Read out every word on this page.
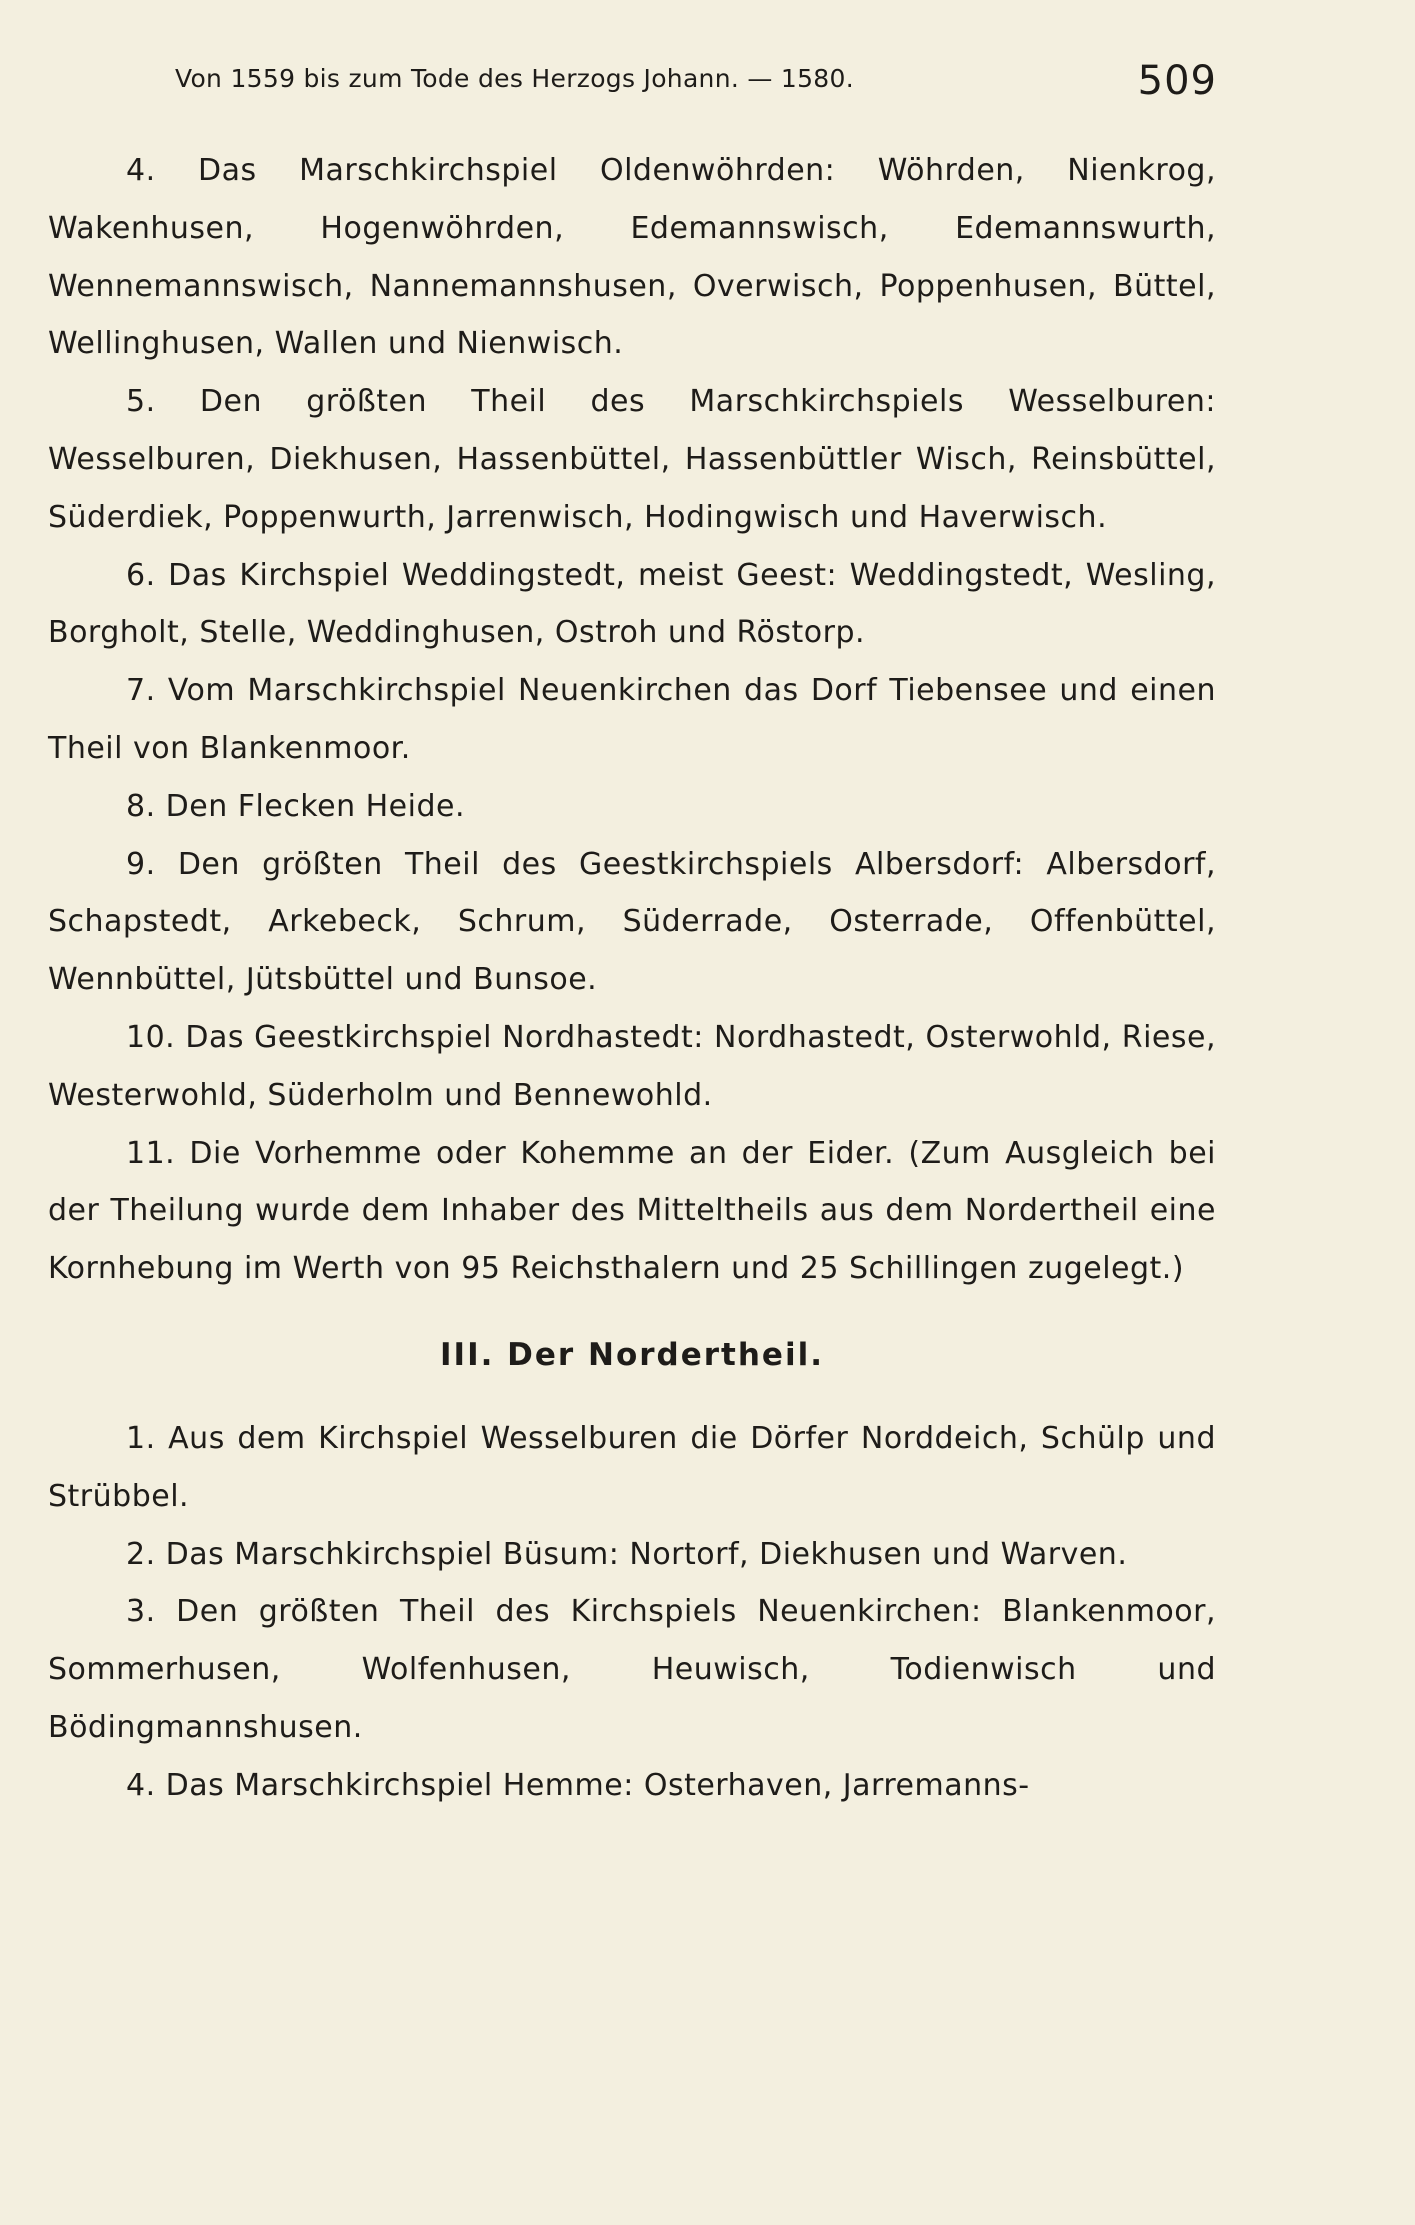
Von 1559 bis zum Tode des Herzogs Johann. — 1580.	509

4. Das Marschkirchspiel Oldenwöhrden: Wöhrden, Nienkrog, Wakenhusen, Hogenwöhrden, Edemannswisch, Edemannswurth, Wennemannswisch, Nannemannshusen, Overwisch, Poppenhusen, Büttel, Wellinghusen, Wallen und Nienwisch.

5. Den größten Theil des Marschkirchspiels Wesselburen: Wesselburen, Diekhusen, Hassenbüttel, Hassenbüttler Wisch, Reinsbüttel, Süderdiek, Poppenwurth, Jarrenwisch, Hodingwisch und Haverwisch.

6. Das Kirchspiel Weddingstedt, meist Geest: Weddingstedt, Wesling, Borgholt, Stelle, Weddinghusen, Ostroh und Röstorp.

7. Vom Marschkirchspiel Neuenkirchen das Dorf Tiebensee und einen Theil von Blankenmoor.

8. Den Flecken Heide.

9. Den größten Theil des Geestkirchspiels Albersdorf: Albersdorf, Schapstedt, Arkebeck, Schrum, Süderrade, Osterrade, Offenbüttel, Wennbüttel, Jütsbüttel und Bunsoe.

10. Das Geestkirchspiel Nordhastedt: Nordhastedt, Osterwohld, Riese, Westerwohld, Süderholm und Bennewohld.

11. Die Vorhemme oder Kohemme an der Eider. (Zum Ausgleich bei der Theilung wurde dem Inhaber des Mitteltheils aus dem Nordertheil eine Kornhebung im Werth von 95 Reichsthalern und 25 Schillingen zugelegt.)

III. Der Nordertheil.

1. Aus dem Kirchspiel Wesselburen die Dörfer Norddeich, Schülp und Strübbel.

2. Das Marschkirchspiel Büsum: Nortorf, Diekhusen und Warven.

3. Den größten Theil des Kirchspiels Neuenkirchen: Blankenmoor, Sommerhusen, Wolfenhusen, Heuwisch, Todienwisch und Bödingmannshusen.

4. Das Marschkirchspiel Hemme: Osterhaven, Jarremanns-
